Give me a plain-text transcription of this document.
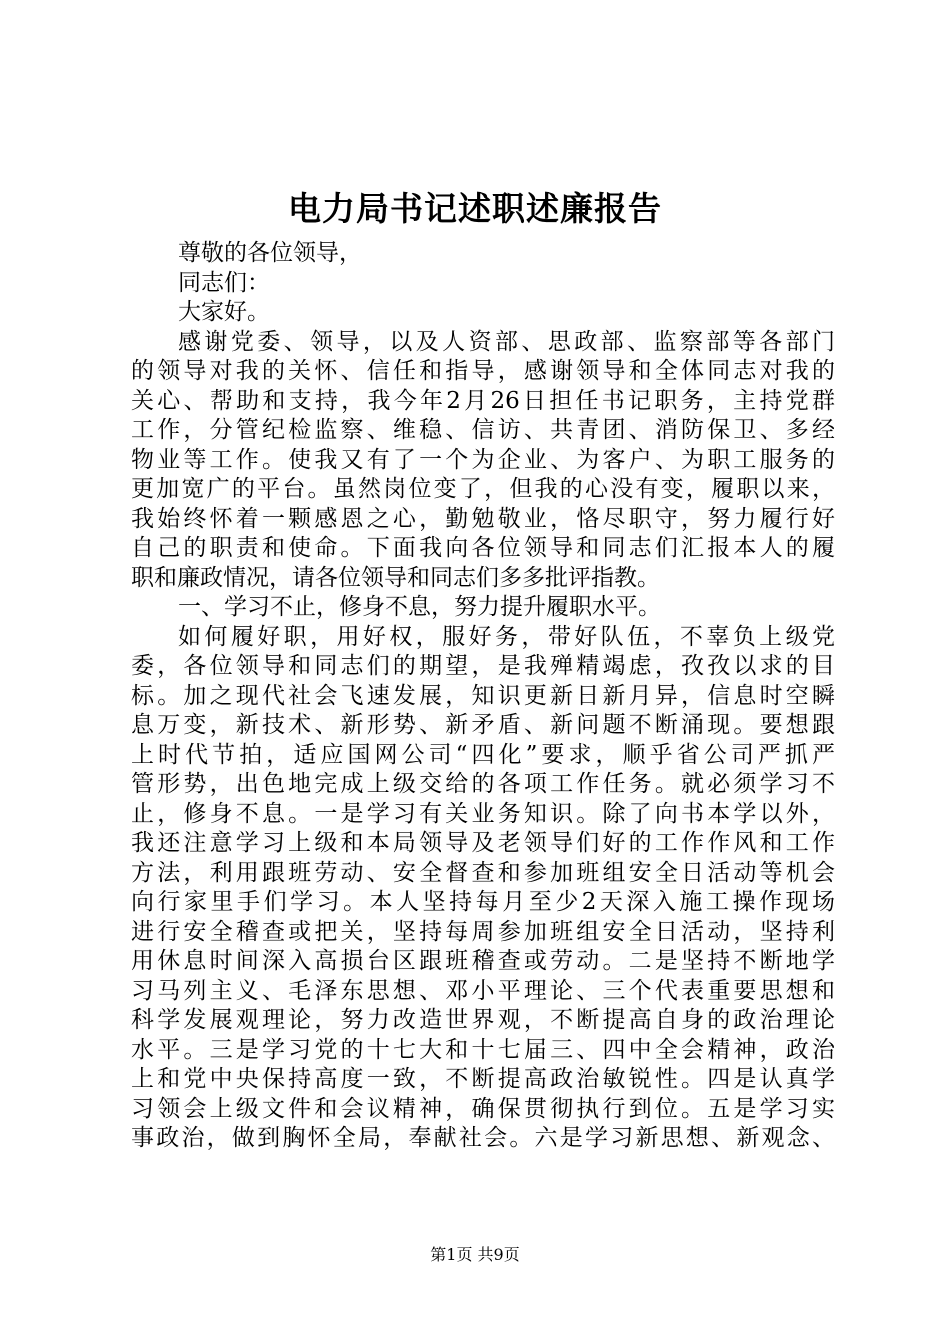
电力局书记述职述廉报告
尊敬的各位领导，
同志们：
大家好。
感谢党委、领导，以及人资部、思政部、监察部等各部门
的领导对我的关怀、信任和指导，感谢领导和全体同志对我的
关心、帮助和支持，我今年2月26日担任书记职务，主持党群
工作，分管纪检监察、维稳、信访、共青团、消防保卫、多经
物业等工作。使我又有了一个为企业、为客户、为职工服务的
更加宽广的平台。虽然岗位变了，但我的心没有变，履职以来，
我始终怀着一颗感恩之心，勤勉敬业，恪尽职守，努力履行好
自己的职责和使命。下面我向各位领导和同志们汇报本人的履
职和廉政情况，请各位领导和同志们多多批评指教。
一、学习不止，修身不息，努力提升履职水平。
如何履好职，用好权，服好务，带好队伍，不辜负上级党
委，各位领导和同志们的期望，是我殚精竭虑，孜孜以求的目
标。加之现代社会飞速发展，知识更新日新月异，信息时空瞬
息万变，新技术、新形势、新矛盾、新问题不断涌现。要想跟
上时代节拍，适应国网公司“四化”要求，顺乎省公司严抓严
管形势，出色地完成上级交给的各项工作任务。就必须学习不
止，修身不息。一是学习有关业务知识。除了向书本学以外，
我还注意学习上级和本局领导及老领导们好的工作作风和工作
方法，利用跟班劳动、安全督查和参加班组安全日活动等机会
向行家里手们学习。本人坚持每月至少2天深入施工操作现场
进行安全稽查或把关，坚持每周参加班组安全日活动，坚持利
用休息时间深入高损台区跟班稽查或劳动。二是坚持不断地学
习马列主义、毛泽东思想、邓小平理论、三个代表重要思想和
科学发展观理论，努力改造世界观，不断提高自身的政治理论
水平。三是学习党的十七大和十七届三、四中全会精神，政治
上和党中央保持高度一致，不断提高政治敏锐性。四是认真学
习领会上级文件和会议精神，确保贯彻执行到位。五是学习实
事政治，做到胸怀全局，奉献社会。六是学习新思想、新观念、
第1页 共9页
